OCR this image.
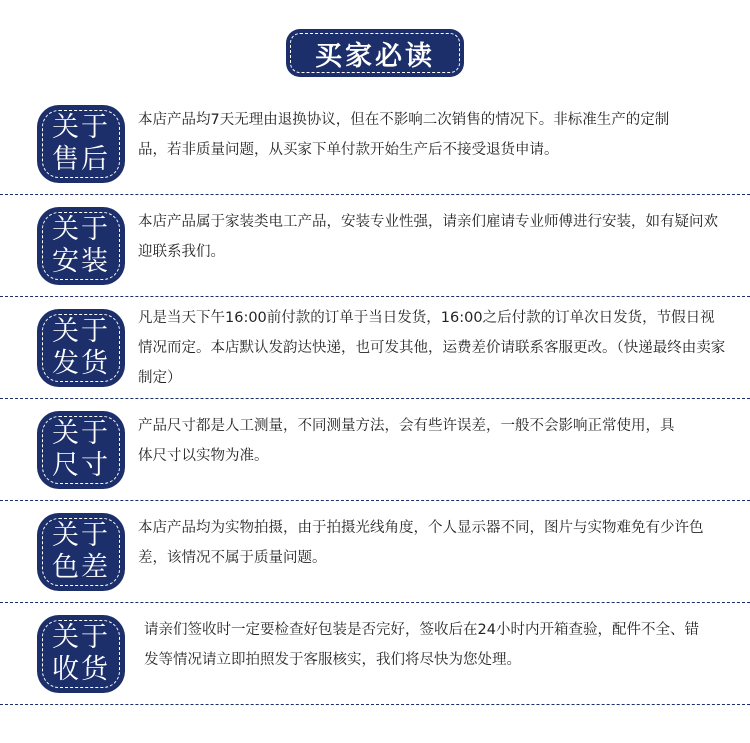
买家必读
关于
售后
本店产品均7天无理由退换协议，但在不影响二次销售的情况下。非标准生产的定制品，若非质量问题，从买家下单付款开始生产后不接受退货申请。
关于
安装
本店产品属于家装类电工产品，安装专业性强，请亲们雇请专业师傅进行安装，如有疑问欢迎联系我们。
关于
发货
凡是当天下午16:00前付款的订单于当日发货，16:00之后付款的订单次日发货，节假日视情况而定。本店默认发韵达快递，也可发其他，运费差价请联系客服更改。（快递最终由卖家制定）
关于
尺寸
产品尺寸都是人工测量，不同测量方法，会有些许误差，一般不会影响正常使用，具体尺寸以实物为准。
关于
色差
本店产品均为实物拍摄，由于拍摄光线角度，个人显示器不同，图片与实物难免有少许色差，该情况不属于质量问题。
关于
收货
请亲们签收时一定要检查好包装是否完好，签收后在24小时内开箱查验，配件不全、错发等情况请立即拍照发于客服核实，我们将尽快为您处理。
